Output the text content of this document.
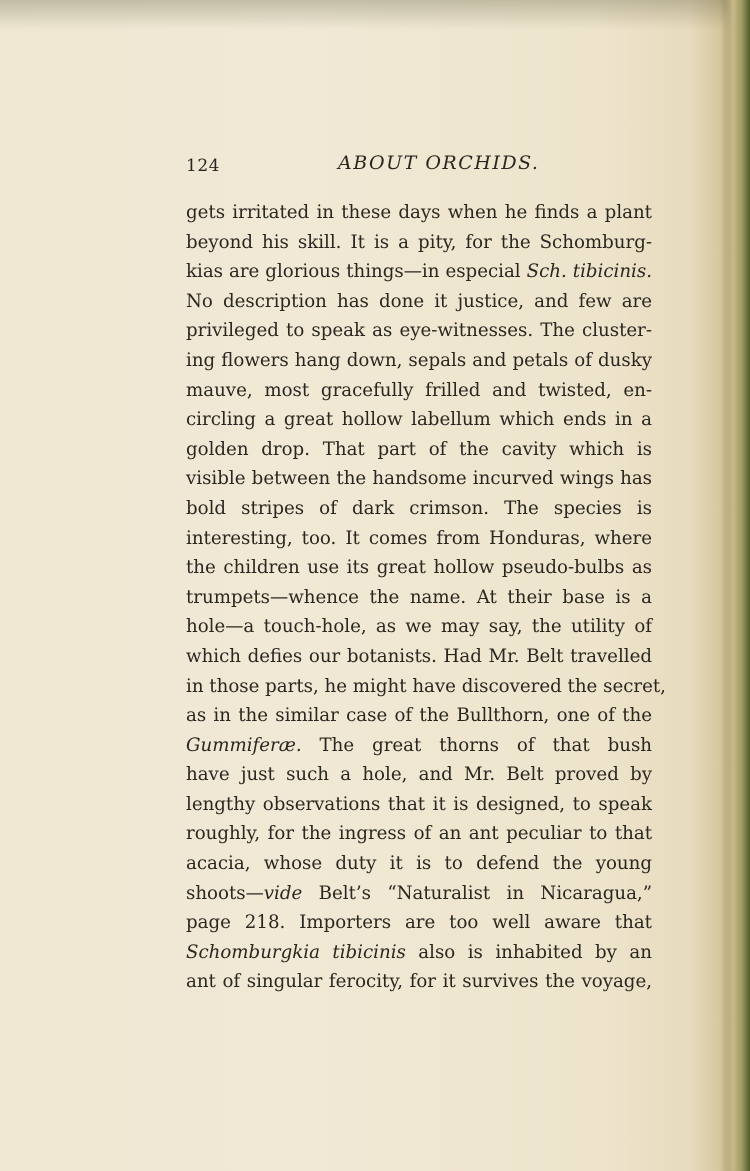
124	ABOUT ORCHIDS.
gets irritated in these days when he finds a plant
beyond his skill. It is a pity, for the Schomburg-
kias are glorious things—in especial Sch. tibicinis.
No description has done it justice, and few are
privileged to speak as eye-witnesses. The cluster-
ing flowers hang down, sepals and petals of dusky
mauve, most gracefully frilled and twisted, en-
circling a great hollow labellum which ends in a
golden drop. That part of the cavity which is
visible between the handsome incurved wings has
bold stripes of dark crimson. The species is
interesting, too. It comes from Honduras, where
the children use its great hollow pseudo-bulbs as
trumpets—whence the name. At their base is a
hole—a touch-hole, as we may say, the utility of
which defies our botanists. Had Mr. Belt travelled
in those parts, he might have discovered the secret,
as in the similar case of the Bullthorn, one of the
Gummiferæ. The great thorns of that bush
have just such a hole, and Mr. Belt proved by
lengthy observations that it is designed, to speak
roughly, for the ingress of an ant peculiar to that
acacia, whose duty it is to defend the young
shoots—vide Belt’s “Naturalist in Nicaragua,”
page 218. Importers are too well aware that
Schomburgkia tibicinis also is inhabited by an
ant of singular ferocity, for it survives the voyage,
